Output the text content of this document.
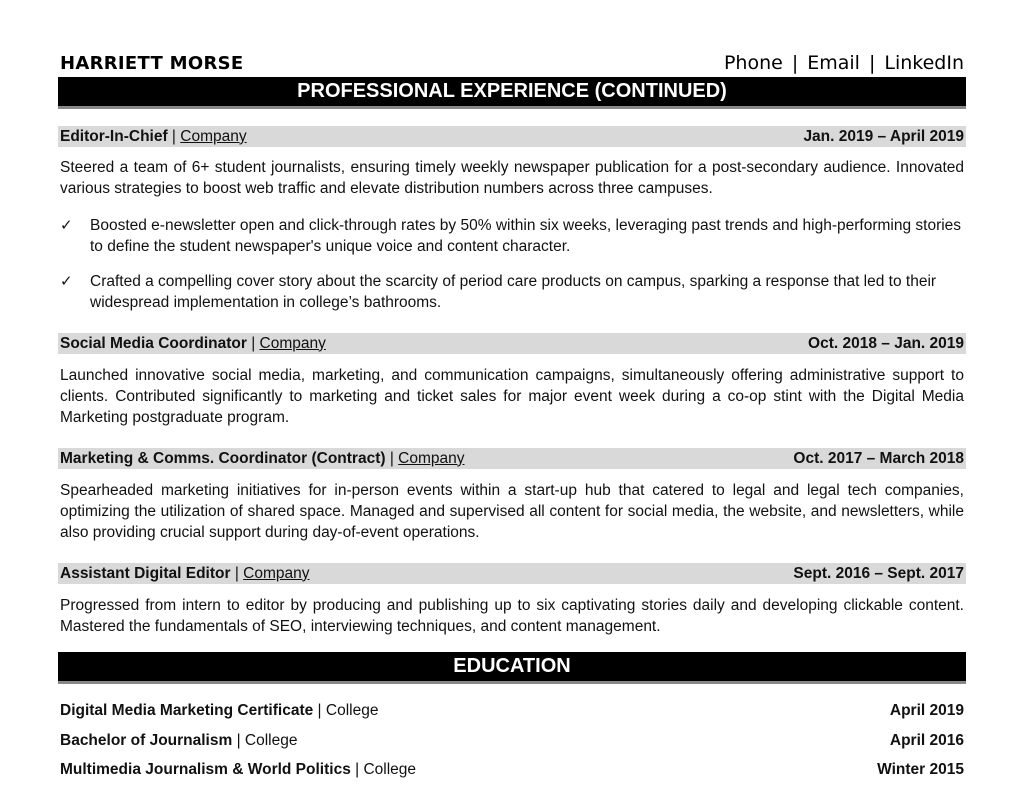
HARRIETT MORSE	Phone | Email | LinkedIn
PROFESSIONAL EXPERIENCE (CONTINUED)
Editor-In-Chief | Company	Jan. 2019 – April 2019

Steered a team of 6+ student journalists, ensuring timely weekly newspaper publication for a post-secondary audience. Innovated various strategies to boost web traffic and elevate distribution numbers across three campuses.

✓	Boosted e-newsletter open and click-through rates by 50% within six weeks, leveraging past trends and high-performing stories to define the student newspaper's unique voice and content character.
✓	Crafted a compelling cover story about the scarcity of period care products on campus, sparking a response that led to their widespread implementation in college’s bathrooms.
Social Media Coordinator | Company	Oct. 2018 – Jan. 2019

Launched innovative social media, marketing, and communication campaigns, simultaneously offering administrative support to clients. Contributed significantly to marketing and ticket sales for major event week during a co-op stint with the Digital Media Marketing postgraduate program.

Marketing & Comms. Coordinator (Contract) | Company	Oct. 2017 – March 2018

Spearheaded marketing initiatives for in-person events within a start-up hub that catered to legal and legal tech companies, optimizing the utilization of shared space. Managed and supervised all content for social media, the website, and newsletters, while also providing crucial support during day-of-event operations.

Assistant Digital Editor | Company	Sept. 2016 – Sept. 2017

Progressed from intern to editor by producing and publishing up to six captivating stories daily and developing clickable content. Mastered the fundamentals of SEO, interviewing techniques, and content management.

EDUCATION
Digital Media Marketing Certificate | College	April 2019
Bachelor of Journalism | College	April 2016
Multimedia Journalism & World Politics | College	Winter 2015
